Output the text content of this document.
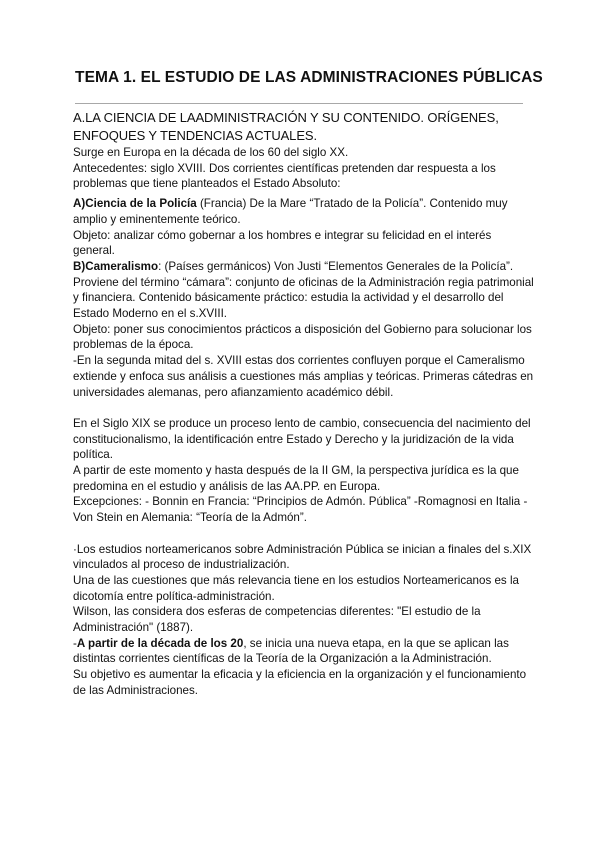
TEMA 1. EL ESTUDIO DE LAS ADMINISTRACIONES PÚBLICAS
A.LA CIENCIA DE LAADMINISTRACIÓN Y SU CONTENIDO. ORÍGENES,
ENFOQUES Y TENDENCIAS ACTUALES.

Surge en Europa en la década de los 60 del siglo XX.

Antecedentes: siglo XVIII. Dos corrientes científicas pretenden dar respuesta a los problemas que tiene planteados el Estado Absoluto:

A)Ciencia de la Policía (Francia) De la Mare “Tratado de la Policía”. Contenido muy amplio y eminentemente teórico.

Objeto: analizar cómo gobernar a los hombres e integrar su felicidad en el interés general.

B)Cameralismo: (Países germánicos) Von Justi “Elementos Generales de la Policía”. Proviene del término “cámara”: conjunto de oficinas de la Administración regia patrimonial y financiera. Contenido básicamente práctico: estudia la actividad y el desarrollo del Estado Moderno en el s.XVIII.

Objeto: poner sus conocimientos prácticos a disposición del Gobierno para solucionar los problemas de la época.

-En la segunda mitad del s. XVIII estas dos corrientes confluyen porque el Cameralismo extiende y enfoca sus análisis a cuestiones más amplias y teóricas. Primeras cátedras en universidades alemanas, pero afianzamiento académico débil.

En el Siglo XIX se produce un proceso lento de cambio, consecuencia del nacimiento del constitucionalismo, la identificación entre Estado y Derecho y la juridización de la vida política.

A partir de este momento y hasta después de la II GM, la perspectiva jurídica es la que predomina en el estudio y análisis de las AA.PP. en Europa.

Excepciones: - Bonnin en Francia: “Principios de Admón. Pública” -Romagnosi en Italia -Von Stein en Alemania: “Teoría de la Admón”.

·Los estudios norteamericanos sobre Administración Pública se inician a finales del s.XIX vinculados al proceso de industrialización.

Una de las cuestiones que más relevancia tiene en los estudios Norteamericanos es la dicotomía entre política-administración.

Wilson, las considera dos esferas de competencias diferentes: "El estudio de la Administración" (1887).

-A partir de la década de los 20, se inicia una nueva etapa, en la que se aplican las distintas corrientes científicas de la Teoría de la Organización a la Administración.

Su objetivo es aumentar la eficacia y la eficiencia en la organización y el funcionamiento de las Administraciones.
